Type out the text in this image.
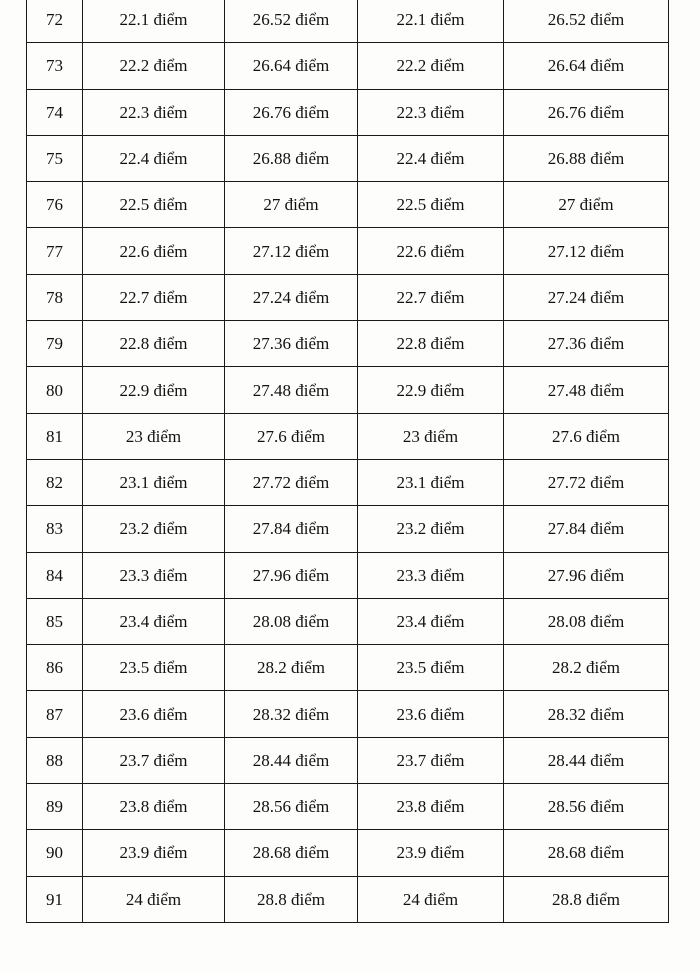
72	22.1 điểm	26.52 điểm	22.1 điểm	26.52 điểm
73	22.2 điểm	26.64 điểm	22.2 điểm	26.64 điểm
74	22.3 điểm	26.76 điểm	22.3 điểm	26.76 điểm
75	22.4 điểm	26.88 điểm	22.4 điểm	26.88 điểm
76	22.5 điểm	27 điểm	22.5 điểm	27 điểm
77	22.6 điểm	27.12 điểm	22.6 điểm	27.12 điểm
78	22.7 điểm	27.24 điểm	22.7 điểm	27.24 điểm
79	22.8 điểm	27.36 điểm	22.8 điểm	27.36 điểm
80	22.9 điểm	27.48 điểm	22.9 điểm	27.48 điểm
81	23 điểm	27.6 điểm	23 điểm	27.6 điểm
82	23.1 điểm	27.72 điểm	23.1 điểm	27.72 điểm
83	23.2 điểm	27.84 điểm	23.2 điểm	27.84 điểm
84	23.3 điểm	27.96 điểm	23.3 điểm	27.96 điểm
85	23.4 điểm	28.08 điểm	23.4 điểm	28.08 điểm
86	23.5 điểm	28.2 điểm	23.5 điểm	28.2 điểm
87	23.6 điểm	28.32 điểm	23.6 điểm	28.32 điểm
88	23.7 điểm	28.44 điểm	23.7 điểm	28.44 điểm
89	23.8 điểm	28.56 điểm	23.8 điểm	28.56 điểm
90	23.9 điểm	28.68 điểm	23.9 điểm	28.68 điểm
91	24 điểm	28.8 điểm	24 điểm	28.8 điểm
